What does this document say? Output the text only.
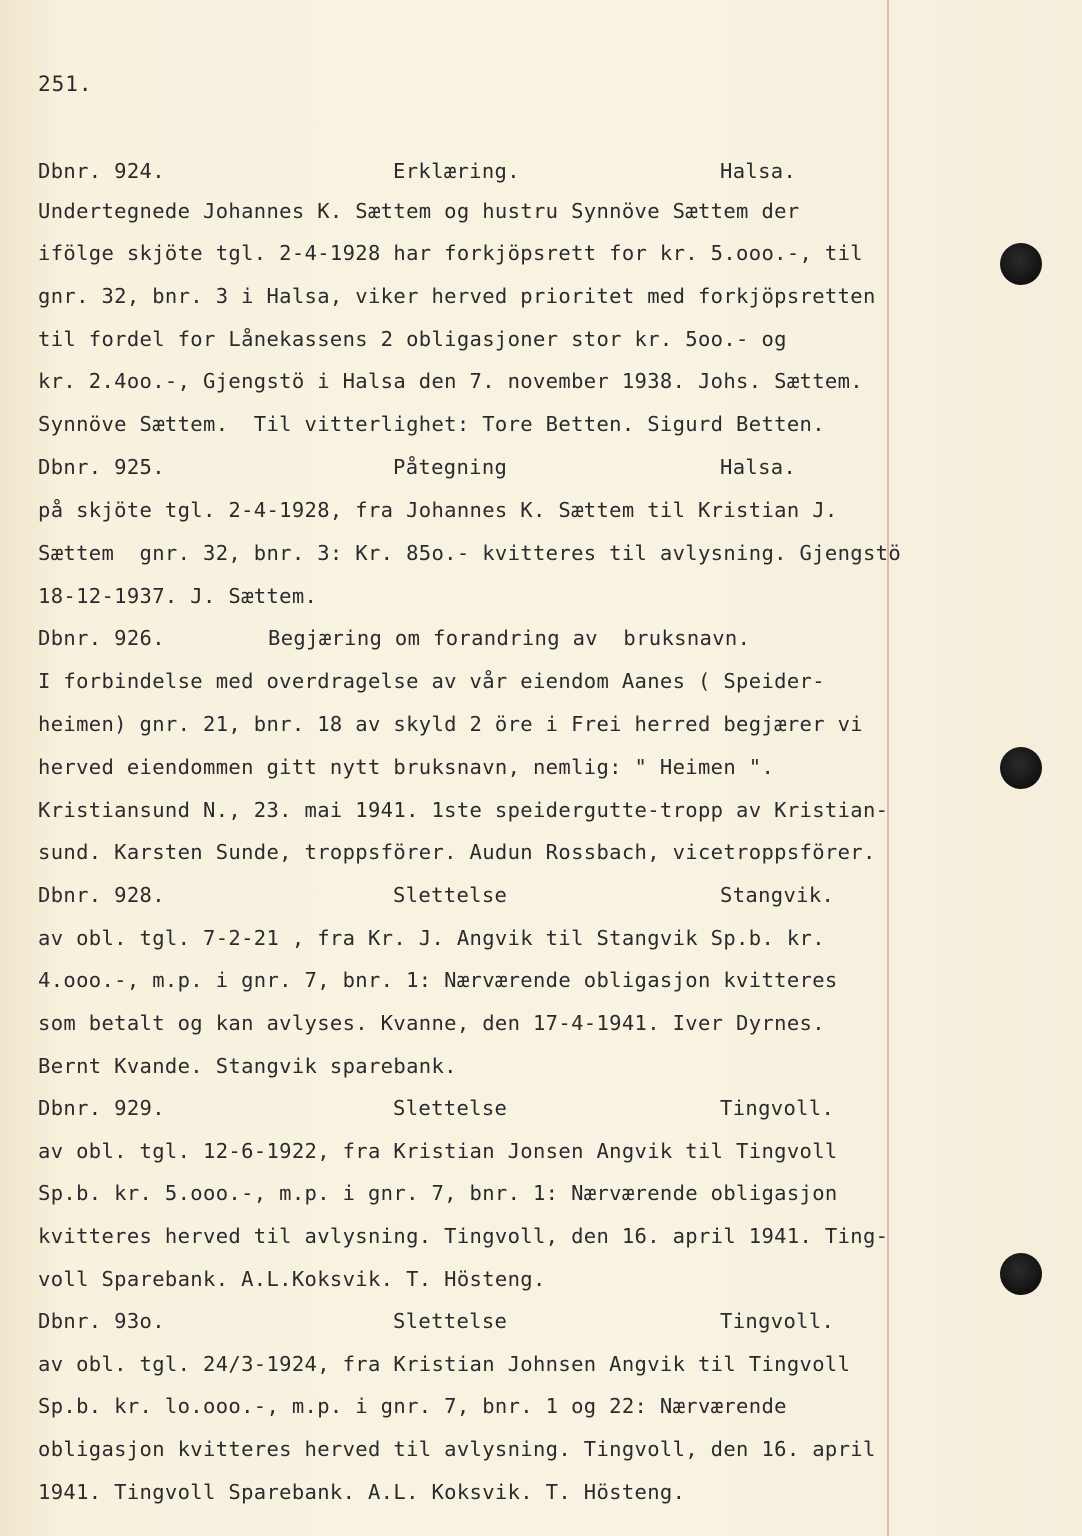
251.
Dbnr. 924.	Erklæring.	Halsa.
Undertegnede Johannes K. Sættem og hustru Synnöve Sættem der
ifölge skjöte tgl. 2-4-1928 har forkjöpsrett for kr. 5.ooo.-, til
gnr. 32, bnr. 3 i Halsa, viker herved prioritet med forkjöpsretten
til fordel for Lånekassens 2 obligasjoner stor kr. 5oo.- og
kr. 2.4oo.-, Gjengstö i Halsa den 7. november 1938. Johs. Sættem.
Synnöve Sættem.  Til vitterlighet: Tore Betten. Sigurd Betten.
Dbnr. 925.	Påtegning	Halsa.
på skjöte tgl. 2-4-1928, fra Johannes K. Sættem til Kristian J.
Sættem  gnr. 32, bnr. 3: Kr. 85o.- kvitteres til avlysning. Gjengstö
18-12-1937. J. Sættem.
Dbnr. 926.	Begjæring om forandring av  bruksnavn.
I forbindelse med overdragelse av vår eiendom Aanes ( Speider-
heimen) gnr. 21, bnr. 18 av skyld 2 öre i Frei herred begjærer vi
herved eiendommen gitt nytt bruksnavn, nemlig: " Heimen ".
Kristiansund N., 23. mai 1941. 1ste speidergutte-tropp av Kristian-
sund. Karsten Sunde, troppsförer. Audun Rossbach, vicetroppsförer.
Dbnr. 928.	Slettelse	Stangvik.
av obl. tgl. 7-2-21 , fra Kr. J. Angvik til Stangvik Sp.b. kr.
4.ooo.-, m.p. i gnr. 7, bnr. 1: Nærværende obligasjon kvitteres
som betalt og kan avlyses. Kvanne, den 17-4-1941. Iver Dyrnes.
Bernt Kvande. Stangvik sparebank.
Dbnr. 929.	Slettelse	Tingvoll.
av obl. tgl. 12-6-1922, fra Kristian Jonsen Angvik til Tingvoll
Sp.b. kr. 5.ooo.-, m.p. i gnr. 7, bnr. 1: Nærværende obligasjon
kvitteres herved til avlysning. Tingvoll, den 16. april 1941. Ting-
voll Sparebank. A.L.Koksvik. T. Hösteng.
Dbnr. 93o.	Slettelse	Tingvoll.
av obl. tgl. 24/3-1924, fra Kristian Johnsen Angvik til Tingvoll
Sp.b. kr. lo.ooo.-, m.p. i gnr. 7, bnr. 1 og 22: Nærværende
obligasjon kvitteres herved til avlysning. Tingvoll, den 16. april
1941. Tingvoll Sparebank. A.L. Koksvik. T. Hösteng.
